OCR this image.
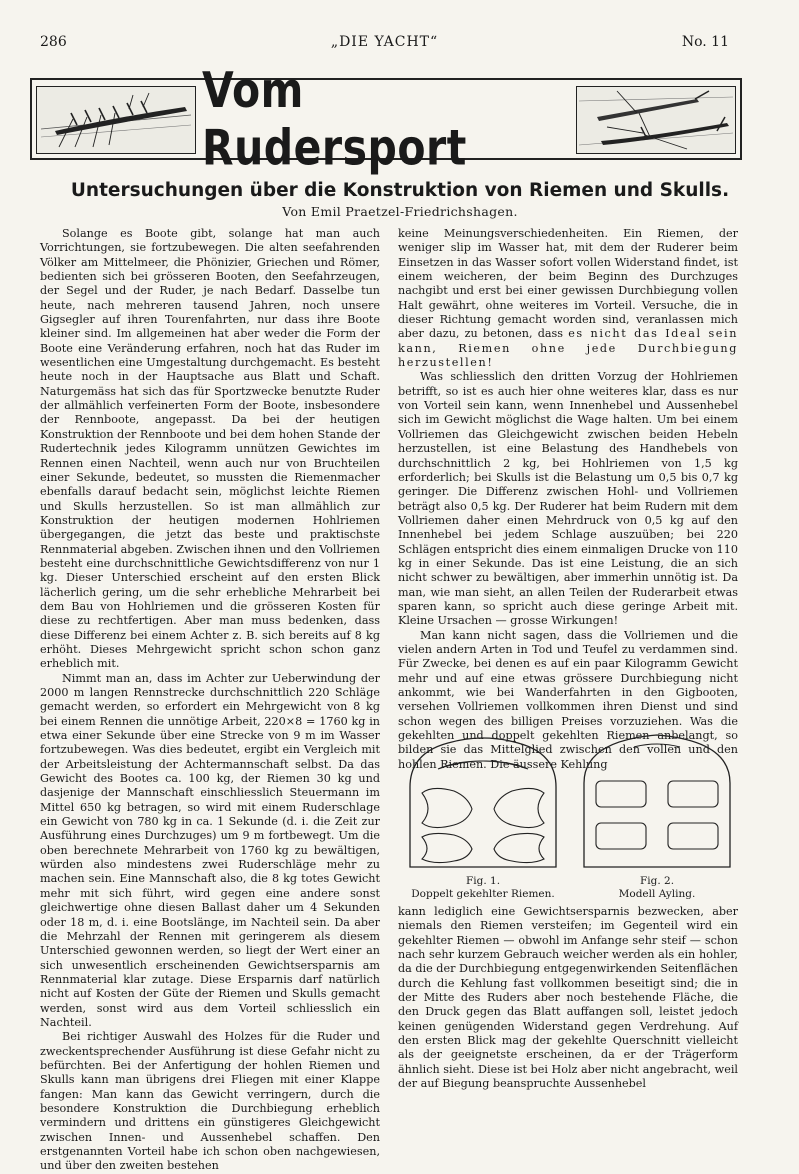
286	„DIE YACHT“	No. 11
Vom Rudersport
Untersuchungen über die Konstruktion von Riemen und Skulls.
Von Emil Praetzel-Friedrichshagen.

Solange es Boote gibt, solange hat man auch Vorrichtungen, sie fortzubewegen. Die alten seefahrenden Völker am Mittelmeer, die Phönizier, Griechen und Römer, bedienten sich bei grösseren Booten, den Seefahrzeugen, der Segel und der Ruder, je nach Bedarf. Dasselbe tun heute, nach mehreren tausend Jahren, noch unsere Gigsegler auf ihren Tourenfahrten, nur dass ihre Boote kleiner sind. Im allgemeinen hat aber weder die Form der Boote eine Veränderung erfahren, noch hat das Ruder im wesentlichen eine Umgestaltung durchgemacht. Es besteht heute noch in der Hauptsache aus Blatt und Schaft. Naturgemäss hat sich das für Sportzwecke benutzte Ruder der allmählich verfeinerten Form der Boote, insbesondere der Rennboote, angepasst. Da bei der heutigen Konstruktion der Rennboote und bei dem hohen Stande der Rudertechnik jedes Kilogramm unnützen Gewichtes im Rennen einen Nachteil, wenn auch nur von Bruchteilen einer Sekunde, bedeutet, so mussten die Riemenmacher ebenfalls darauf bedacht sein, möglichst leichte Riemen und Skulls herzustellen. So ist man allmählich zur Konstruktion der heutigen modernen Hohlriemen übergegangen, die jetzt das beste und praktischste Rennmaterial abgeben. Zwischen ihnen und den Vollriemen besteht eine durchschnittliche Gewichtsdifferenz von nur 1 kg. Dieser Unterschied erscheint auf den ersten Blick lächerlich gering, um die sehr erhebliche Mehrarbeit bei dem Bau von Hohlriemen und die grösseren Kosten für diese zu rechtfertigen. Aber man muss bedenken, dass diese Differenz bei einem Achter z. B. sich bereits auf 8 kg erhöht. Dieses Mehrgewicht spricht schon schon ganz erheblich mit.

Nimmt man an, dass im Achter zur Ueberwindung der 2000 m langen Rennstrecke durchschnittlich 220 Schläge gemacht werden, so erfordert ein Mehrgewicht von 8 kg bei einem Rennen die unnötige Arbeit, 220×8 = 1760 kg in etwa einer Sekunde über eine Strecke von 9 m im Wasser fortzubewegen. Was dies bedeutet, ergibt ein Vergleich mit der Arbeitsleistung der Achtermannschaft selbst. Da das Gewicht des Bootes ca. 100 kg, der Riemen 30 kg und dasjenige der Mannschaft einschliesslich Steuermann im Mittel 650 kg betragen, so wird mit einem Ruderschlage ein Gewicht von 780 kg in ca. 1 Sekunde (d. i. die Zeit zur Ausführung eines Durchzuges) um 9 m fortbewegt. Um die oben berechnete Mehrarbeit von 1760 kg zu bewältigen, würden also mindestens zwei Ruderschläge mehr zu machen sein. Eine Mannschaft also, die 8 kg totes Gewicht mehr mit sich führt, wird gegen eine andere sonst gleichwertige ohne diesen Ballast daher um 4 Sekunden oder 18 m, d. i. eine Bootslänge, im Nachteil sein. Da aber die Mehrzahl der Rennen mit geringerem als diesem Unterschied gewonnen werden, so liegt der Wert einer an sich unwesentlich erscheinenden Gewichtsersparnis am Rennmaterial klar zutage. Diese Ersparnis darf natürlich nicht auf Kosten der Güte der Riemen und Skulls gemacht werden, sonst wird aus dem Vorteil schliesslich ein Nachteil.

Bei richtiger Auswahl des Holzes für die Ruder und zweckentsprechender Ausführung ist diese Gefahr nicht zu befürchten. Bei der Anfertigung der hohlen Riemen und Skulls kann man übrigens drei Fliegen mit einer Klappe fangen: Man kann das Gewicht verringern, durch die besondere Konstruktion die Durchbiegung erheblich vermindern und drittens ein günstigeres Gleichgewicht zwischen Innen- und Aussenhebel schaffen. Den erstgenannten Vorteil habe ich schon oben nachgewiesen, und über den zweiten bestehen

keine Meinungsverschiedenheiten. Ein Riemen, der weniger slip im Wasser hat, mit dem der Ruderer beim Einsetzen in das Wasser sofort vollen Widerstand findet, ist einem weicheren, der beim Beginn des Durchzuges nachgibt und erst bei einer gewissen Durchbiegung vollen Halt gewährt, ohne weiteres im Vorteil. Versuche, die in dieser Richtung gemacht worden sind, veranlassen mich aber dazu, zu betonen, dass es nicht das Ideal sein kann, Riemen ohne jede Durchbiegung herzustellen!

Was schliesslich den dritten Vorzug der Hohlriemen betrifft, so ist es auch hier ohne weiteres klar, dass es nur von Vorteil sein kann, wenn Innenhebel und Aussenhebel sich im Gewicht möglichst die Wage halten. Um bei einem Vollriemen das Gleichgewicht zwischen beiden Hebeln herzustellen, ist eine Belastung des Handhebels von durchschnittlich 2 kg, bei Hohlriemen von 1,5 kg erforderlich; bei Skulls ist die Belastung um 0,5 bis 0,7 kg geringer. Die Differenz zwischen Hohl- und Vollriemen beträgt also 0,5 kg. Der Ruderer hat beim Rudern mit dem Vollriemen daher einen Mehrdruck von 0,5 kg auf den Innenhebel bei jedem Schlage auszuüben; bei 220 Schlägen entspricht dies einem einmaligen Drucke von 110 kg in einer Sekunde. Das ist eine Leistung, die an sich nicht schwer zu bewältigen, aber immerhin unnötig ist. Da man, wie man sieht, an allen Teilen der Ruderarbeit etwas sparen kann, so spricht auch diese geringe Arbeit mit. Kleine Ursachen — grosse Wirkungen!

Man kann nicht sagen, dass die Vollriemen und die vielen andern Arten in Tod und Teufel zu verdammen sind. Für Zwecke, bei denen es auf ein paar Kilogramm Gewicht mehr und auf eine etwas grössere Durchbiegung nicht ankommt, wie bei Wanderfahrten in den Gigbooten, versehen Vollriemen vollkommen ihren Dienst und sind schon wegen des billigen Preises vorzuziehen. Was die gekehlten und doppelt gekehlten Riemen anbelangt, so bilden sie das Mittelglied zwischen den vollen und den hohlen Riemen. Die äussere Kehlung

Fig. 1.
Doppelt gekehlter Riemen.
Fig. 2.
Modell Ayling.

kann lediglich eine Gewichtsersparnis bezwecken, aber niemals den Riemen versteifen; im Gegenteil wird ein gekehlter Riemen — obwohl im Anfange sehr steif — schon nach sehr kurzem Gebrauch weicher werden als ein hohler, da die der Durchbiegung entgegenwirkenden Seitenflächen durch die Kehlung fast vollkommen beseitigt sind; die in der Mitte des Ruders aber noch bestehende Fläche, die den Druck gegen das Blatt auffangen soll, leistet jedoch keinen genügenden Widerstand gegen Verdrehung. Auf den ersten Blick mag der gekehlte Querschnitt vielleicht als der geeignetste erscheinen, da er der Trägerform ähnlich sieht. Diese ist bei Holz aber nicht angebracht, weil der auf Biegung beanspruchte Aussenhebel
